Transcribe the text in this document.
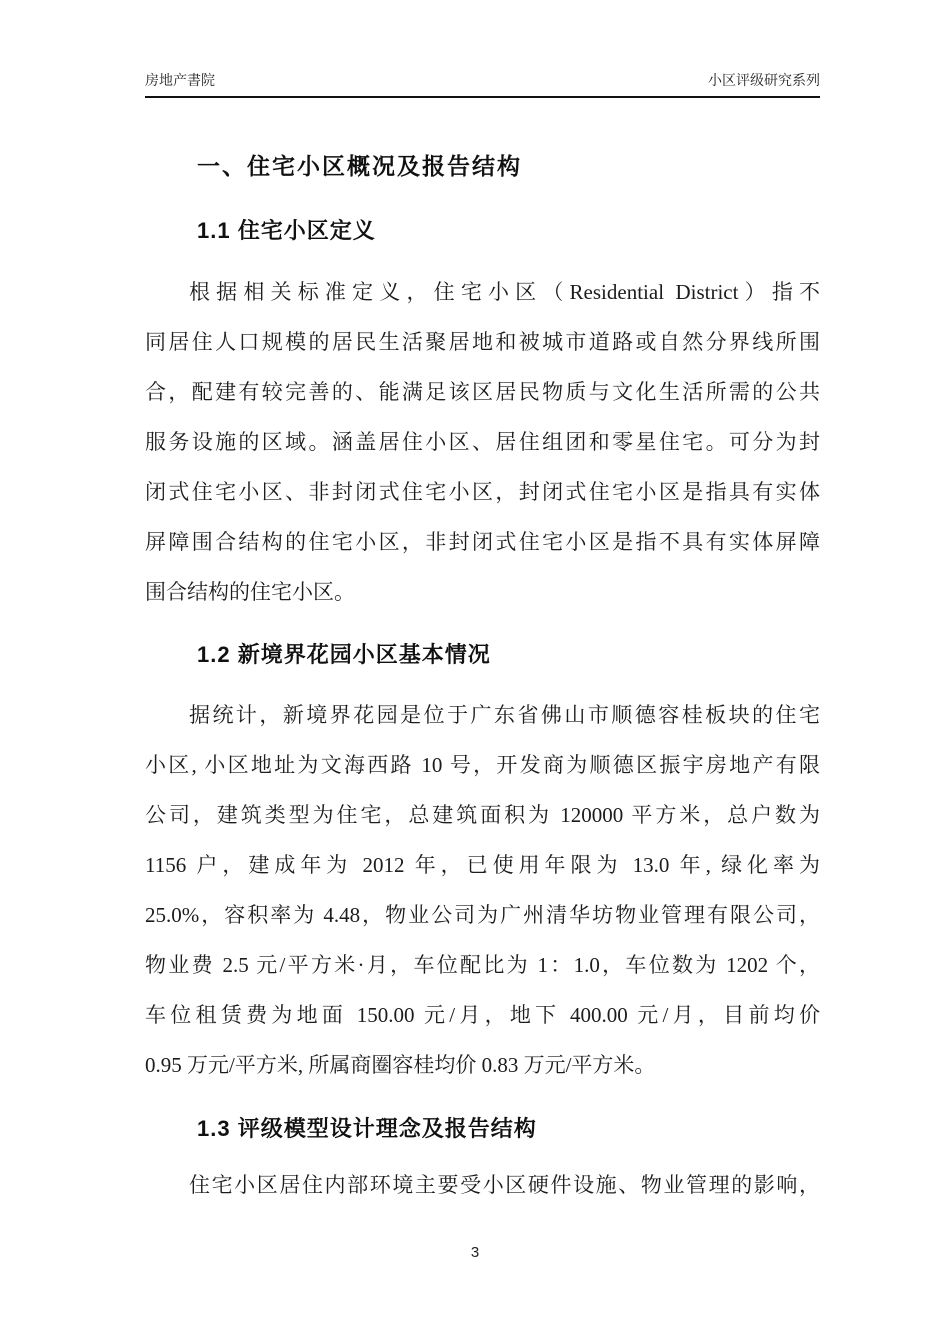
房地产書院	小区评级研究系列
一、住宅小区概况及报告结构
1.1 住宅小区定义
根据相关标准定义，住宅小区（Residential District）指不
同居住人口规模的居民生活聚居地和被城市道路或自然分界线所围
合，配建有较完善的、能满足该区居民物质与文化生活所需的公共
服务设施的区域。涵盖居住小区、居住组团和零星住宅。可分为封
闭式住宅小区、非封闭式住宅小区，封闭式住宅小区是指具有实体
屏障围合结构的住宅小区，非封闭式住宅小区是指不具有实体屏障
围合结构的住宅小区。
1.2 新境界花园小区基本情况
据统计，新境界花园是位于广东省佛山市顺德容桂板块的住宅
小区, 小区地址为文海西路 10 号，开发商为顺德区振宇房地产有限
公司，建筑类型为住宅，总建筑面积为 120000 平方米，总户数为
1156 户，建成年为 2012 年，已使用年限为 13.0 年, 绿化率为
25.0%，容积率为 4.48，物业公司为广州清华坊物业管理有限公司，
物业费 2.5 元/平方米·月，车位配比为 1：1.0，车位数为 1202 个，
车位租赁费为地面 150.00 元/月，地下 400.00 元/月，目前均价
0.95 万元/平方米, 所属商圈容桂均价 0.83 万元/平方米。
1.3 评级模型设计理念及报告结构
住宅小区居住内部环境主要受小区硬件设施、物业管理的影响，
3
